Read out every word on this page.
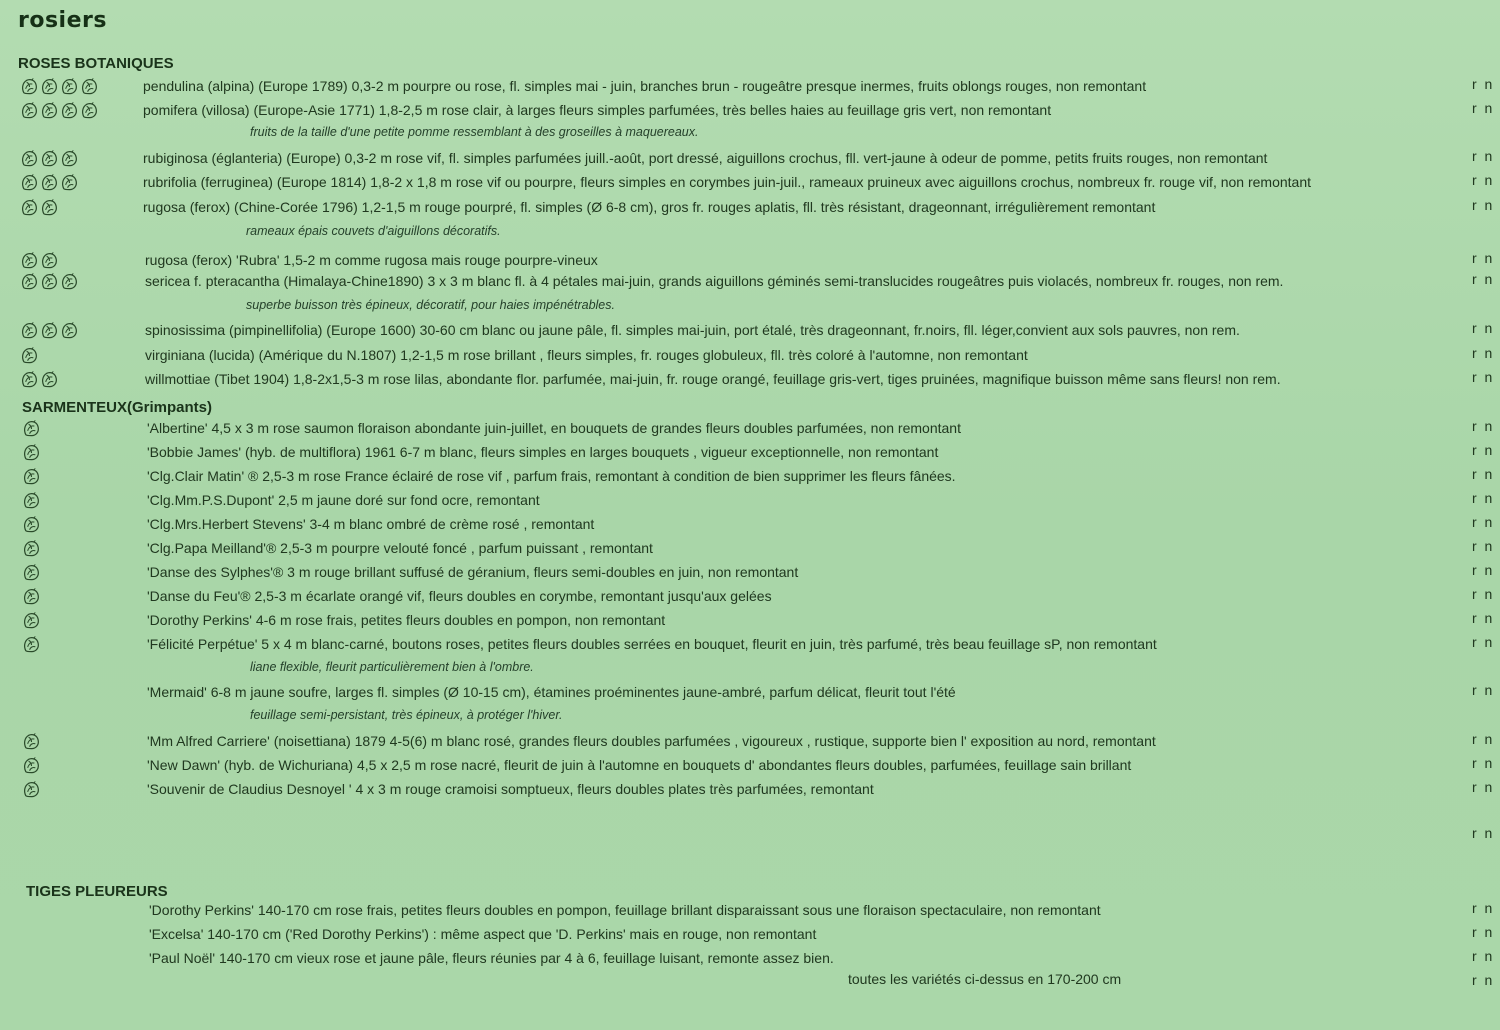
rosiers
ROSES BOTANIQUES
SARMENTEUX(Grimpants)
TIGES PLEUREURS
pendulina (alpina) (Europe 1789) 0,3-2 m pourpre ou rose, fl. simples mai - juin, branches brun - rougeâtre presque inermes, fruits oblongs rouges, non remontant	r n
pomifera (villosa) (Europe-Asie 1771) 1,8-2,5 m rose clair, à larges fleurs simples parfumées, très belles haies au feuillage gris vert, non remontant	r n
rubiginosa (églanteria) (Europe) 0,3-2 m rose vif, fl. simples parfumées juill.-août, port dressé, aiguillons crochus, fll. vert-jaune à odeur de pomme, petits fruits rouges, non remontant	r n
rubrifolia (ferruginea) (Europe 1814) 1,8-2 x 1,8 m rose vif ou pourpre, fleurs simples en corymbes juin-juil., rameaux pruineux avec aiguillons crochus, nombreux fr. rouge vif, non remontant	r n
rugosa (ferox) (Chine-Corée 1796) 1,2-1,5 m rouge pourpré, fl. simples (Ø 6-8 cm), gros fr. rouges aplatis, fll. très résistant, drageonnant, irrégulièrement remontant	r n
rugosa (ferox) 'Rubra' 1,5-2 m comme rugosa mais rouge pourpre-vineux	r n
sericea f. pteracantha (Himalaya-Chine1890) 3 x 3 m blanc fl. à 4 pétales mai-juin, grands aiguillons géminés semi-translucides rougeâtres puis violacés, nombreux fr. rouges, non rem.	r n
spinosissima (pimpinellifolia) (Europe 1600) 30-60 cm blanc ou jaune pâle, fl. simples mai-juin, port étalé, très drageonnant, fr.noirs, fll. léger,convient aux sols pauvres, non rem.	r n
virginiana (lucida) (Amérique du N.1807) 1,2-1,5 m rose brillant , fleurs simples, fr. rouges globuleux, fll. très coloré à l'automne, non remontant	r n
willmottiae (Tibet 1904) 1,8-2x1,5-3 m rose lilas, abondante flor. parfumée, mai-juin, fr. rouge orangé, feuillage gris-vert, tiges pruinées, magnifique buisson même sans fleurs! non rem.	r n
'Albertine' 4,5 x 3 m rose saumon floraison abondante juin-juillet, en bouquets de grandes fleurs doubles parfumées, non remontant	r n
'Bobbie James' (hyb. de multiflora) 1961 6-7 m blanc, fleurs simples en larges bouquets , vigueur exceptionnelle, non remontant	r n
'Clg.Clair Matin' ® 2,5-3 m rose France éclairé de rose vif , parfum frais, remontant à condition de bien supprimer les fleurs fânées.	r n
'Clg.Mm.P.S.Dupont' 2,5 m jaune doré sur fond ocre, remontant	r n
'Clg.Mrs.Herbert Stevens' 3-4 m blanc ombré de crème rosé , remontant	r n
'Clg.Papa Meilland'® 2,5-3 m pourpre velouté foncé , parfum puissant , remontant	r n
'Danse des Sylphes'® 3 m rouge brillant suffusé de géranium, fleurs semi-doubles en juin, non remontant	r n
'Danse du Feu'® 2,5-3 m écarlate orangé vif, fleurs doubles en corymbe, remontant jusqu'aux gelées	r n
'Dorothy Perkins' 4-6 m rose frais, petites fleurs doubles en pompon, non remontant	r n
'Félicité Perpétue' 5 x 4 m blanc-carné, boutons roses, petites fleurs doubles serrées en bouquet, fleurit en juin, très parfumé, très beau feuillage sP, non remontant	r n
'Mermaid' 6-8 m jaune soufre, larges fl. simples (Ø 10-15 cm), étamines proéminentes jaune-ambré, parfum délicat, fleurit tout l'été	r n
'Mm Alfred Carriere' (noisettiana) 1879 4-5(6) m blanc rosé, grandes fleurs doubles parfumées , vigoureux , rustique, supporte bien l' exposition au nord, remontant	r n
'New Dawn' (hyb. de Wichuriana) 4,5 x 2,5 m rose nacré, fleurit de juin à l'automne en bouquets d' abondantes fleurs doubles, parfumées, feuillage sain brillant	r n
'Souvenir de Claudius Desnoyel ' 4 x 3 m rouge cramoisi somptueux, fleurs doubles plates très parfumées, remontant	r n
r n
'Dorothy Perkins' 140-170 cm rose frais, petites fleurs doubles en pompon, feuillage brillant disparaissant sous une floraison spectaculaire, non remontant	r n
'Excelsa' 140-170 cm ('Red Dorothy Perkins') : même aspect que 'D. Perkins' mais en rouge, non remontant	r n
'Paul Noël' 140-170 cm vieux rose et jaune pâle, fleurs réunies par 4 à 6, feuillage luisant, remonte assez bien.	r n
r n
fruits de la taille d'une petite pomme ressemblant à des groseilles à maquereaux.
rameaux épais couvets d'aiguillons décoratifs.
superbe buisson très épineux, décoratif, pour haies impénétrables.
liane flexible, fleurit particulièrement bien à l'ombre.
feuillage semi-persistant, très épineux, à protéger l'hiver.
toutes les variétés ci-dessus en 170-200 cm
